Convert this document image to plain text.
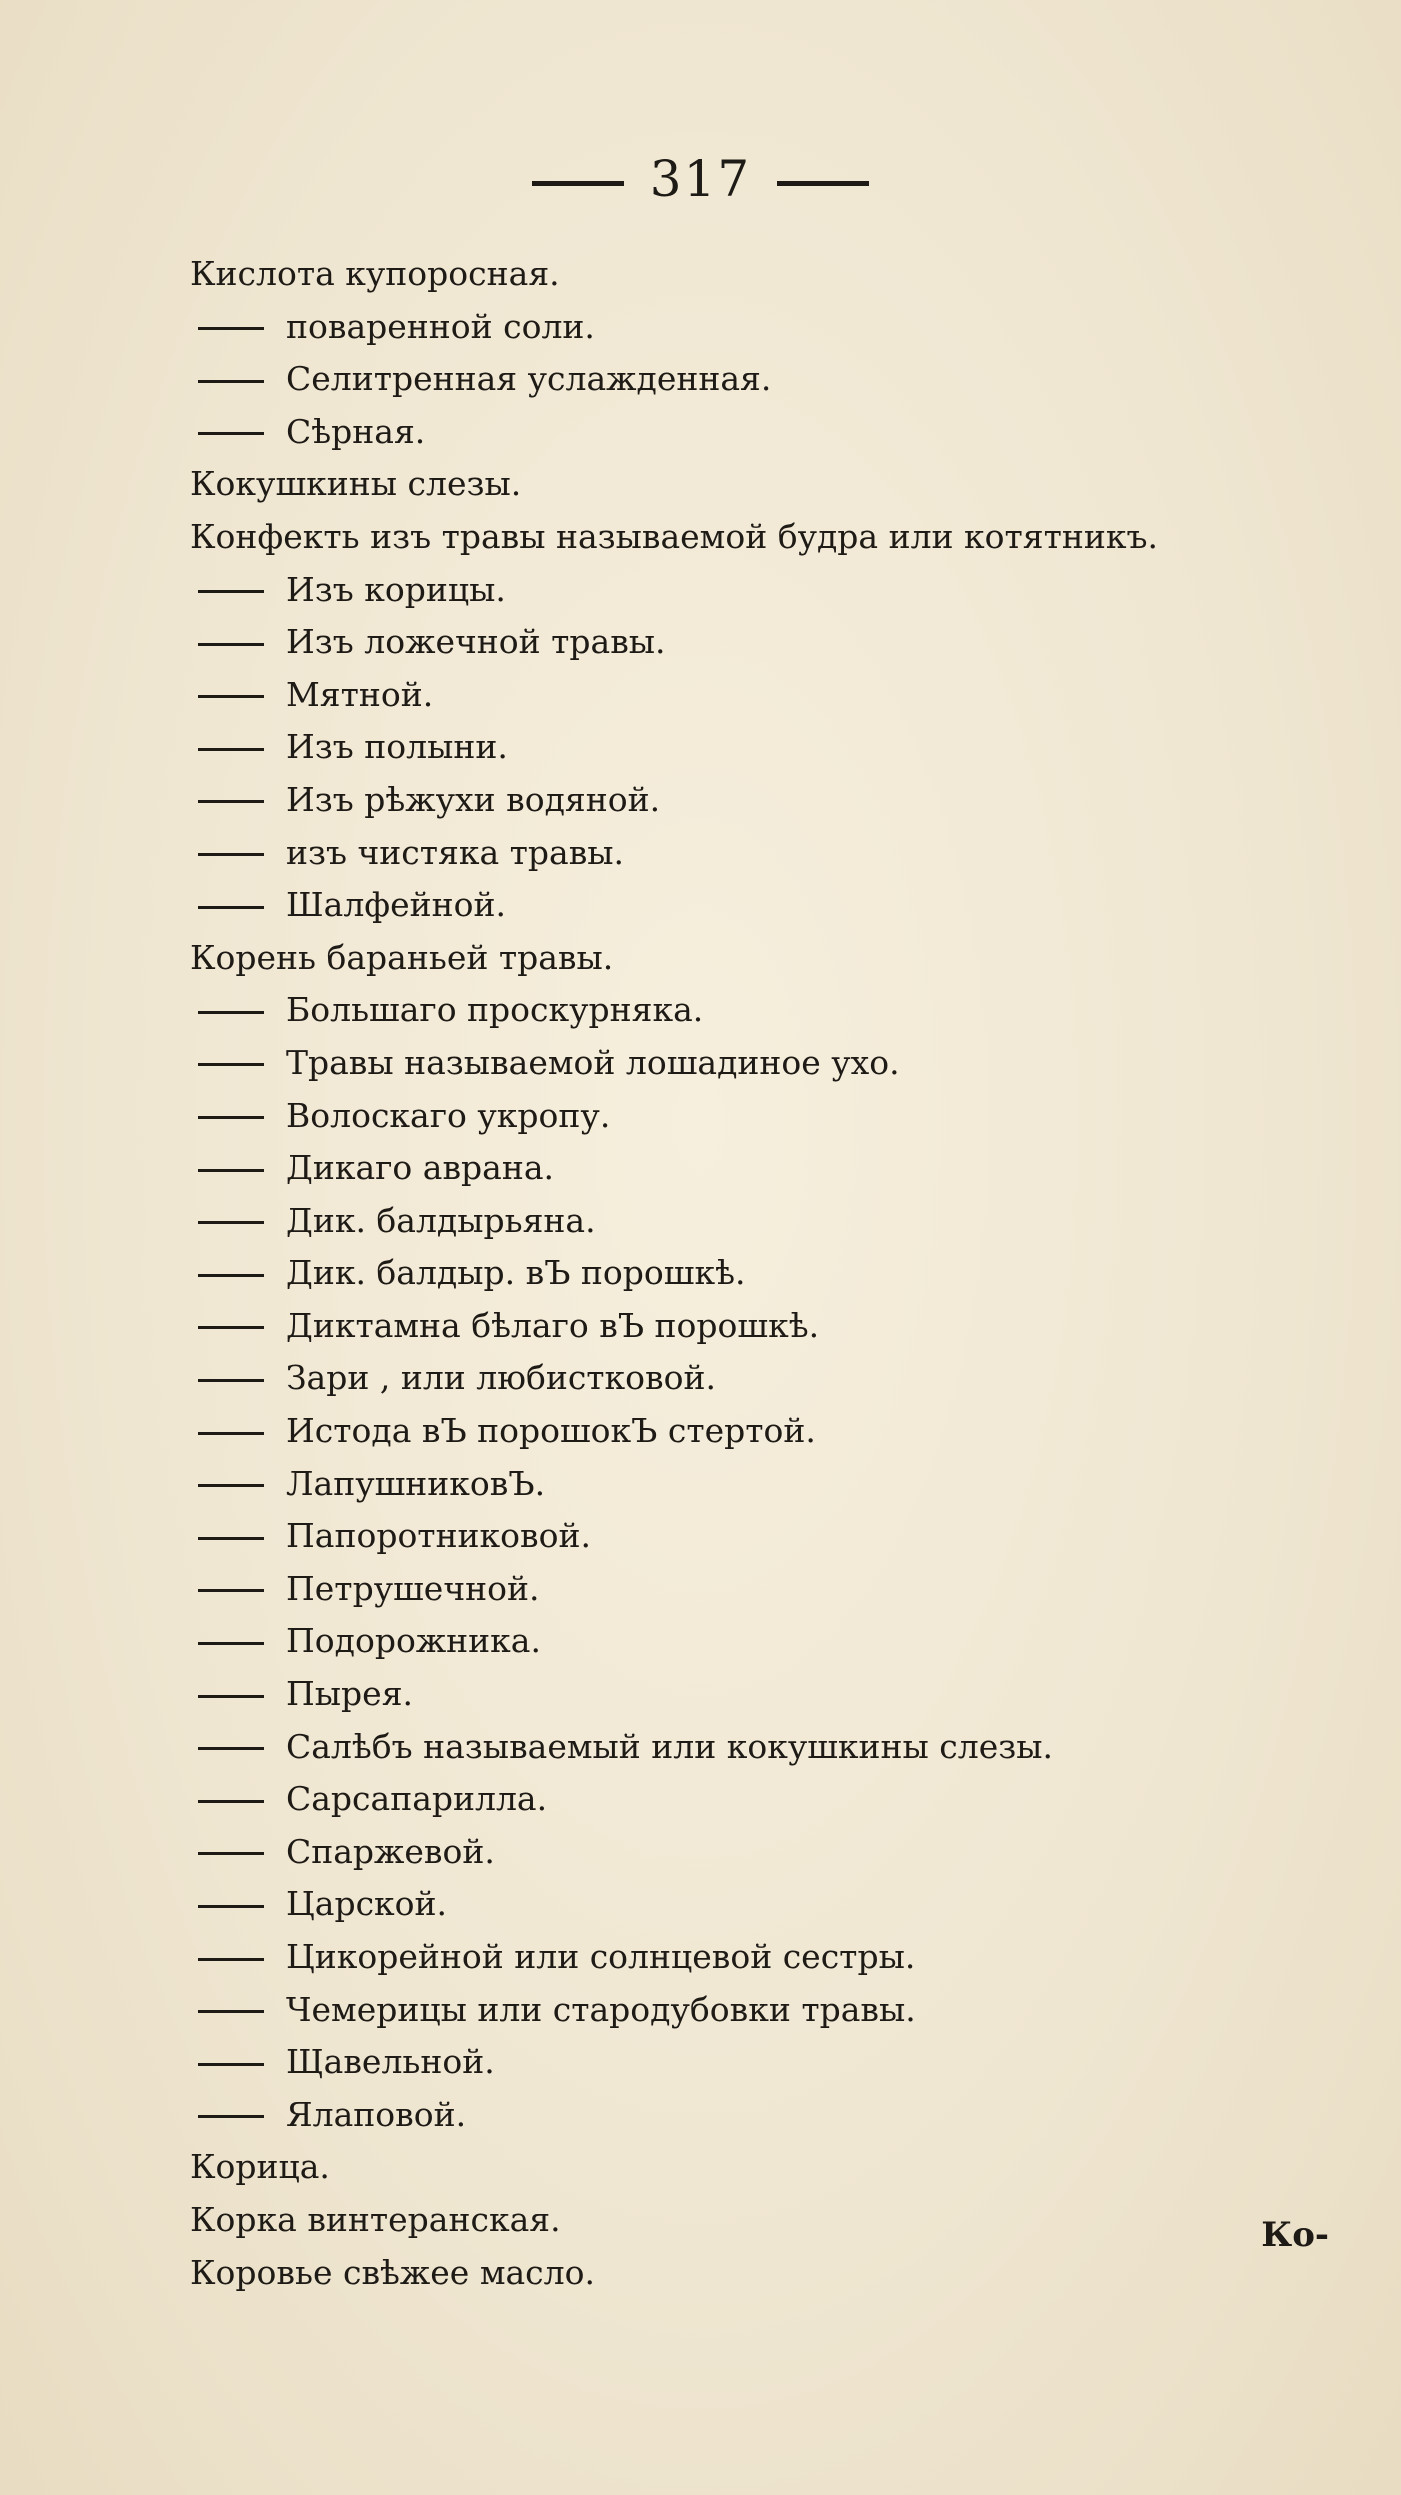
317
Кислота купоросная.
поваренной соли.
Селитренная услажденная.
Сѣрная.
Кокушкины слезы.
Конфекть изъ травы называемой будра или котятникъ.
Изъ корицы.
Изъ ложечной травы.
Мятной.
Изъ полыни.
Изъ рѣжухи водяной.
изъ чистяка травы.
Шалфейной.
Корень бараньей травы.
Большаго проскурняка.
Травы называемой лошадиное ухо.
Волоскаго укропу.
Дикаго аврана.
Дик. балдырьяна.
Дик. балдыр. вЪ порошкѣ.
Диктамна бѣлаго вЪ порошкѣ.
Зари , или любистковой.
Истода вЪ порошокЪ стертой.
ЛапушниковЪ.
Папоротниковой.
Петрушечной.
Подорожника.
Пырея.
Салѣбъ называемый или кокушкины слезы.
Сарсапарилла.
Спаржевой.
Царской.
Цикорейной или солнцевой сестры.
Чемерицы или стародубовки травы.
Щавельной.
Ялаповой.
Корица.
Корка винтеранская.
Коровье свѣжее масло.
Ко-
